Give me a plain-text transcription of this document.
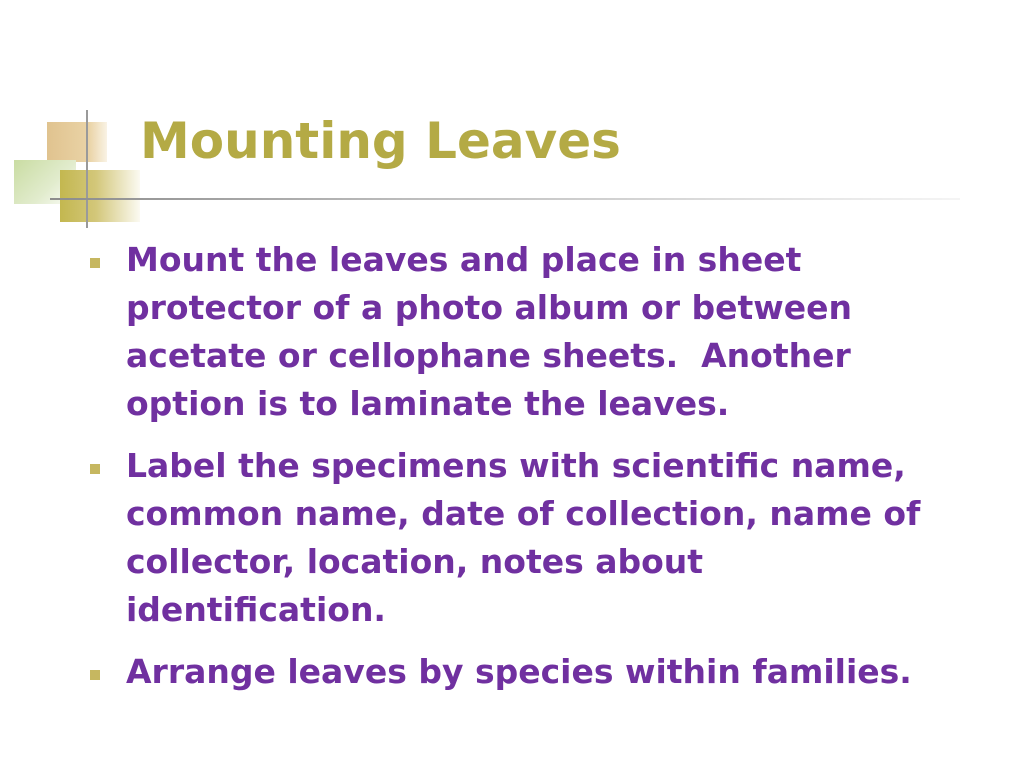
Mounting Leaves
Mount the leaves and place in sheet
protector of a photo album or between
acetate or cellophane sheets.  Another
option is to laminate the leaves.
Label the specimens with scientific name,
common name, date of collection, name of
collector, location, notes about
identification.
Arrange leaves by species within families.
